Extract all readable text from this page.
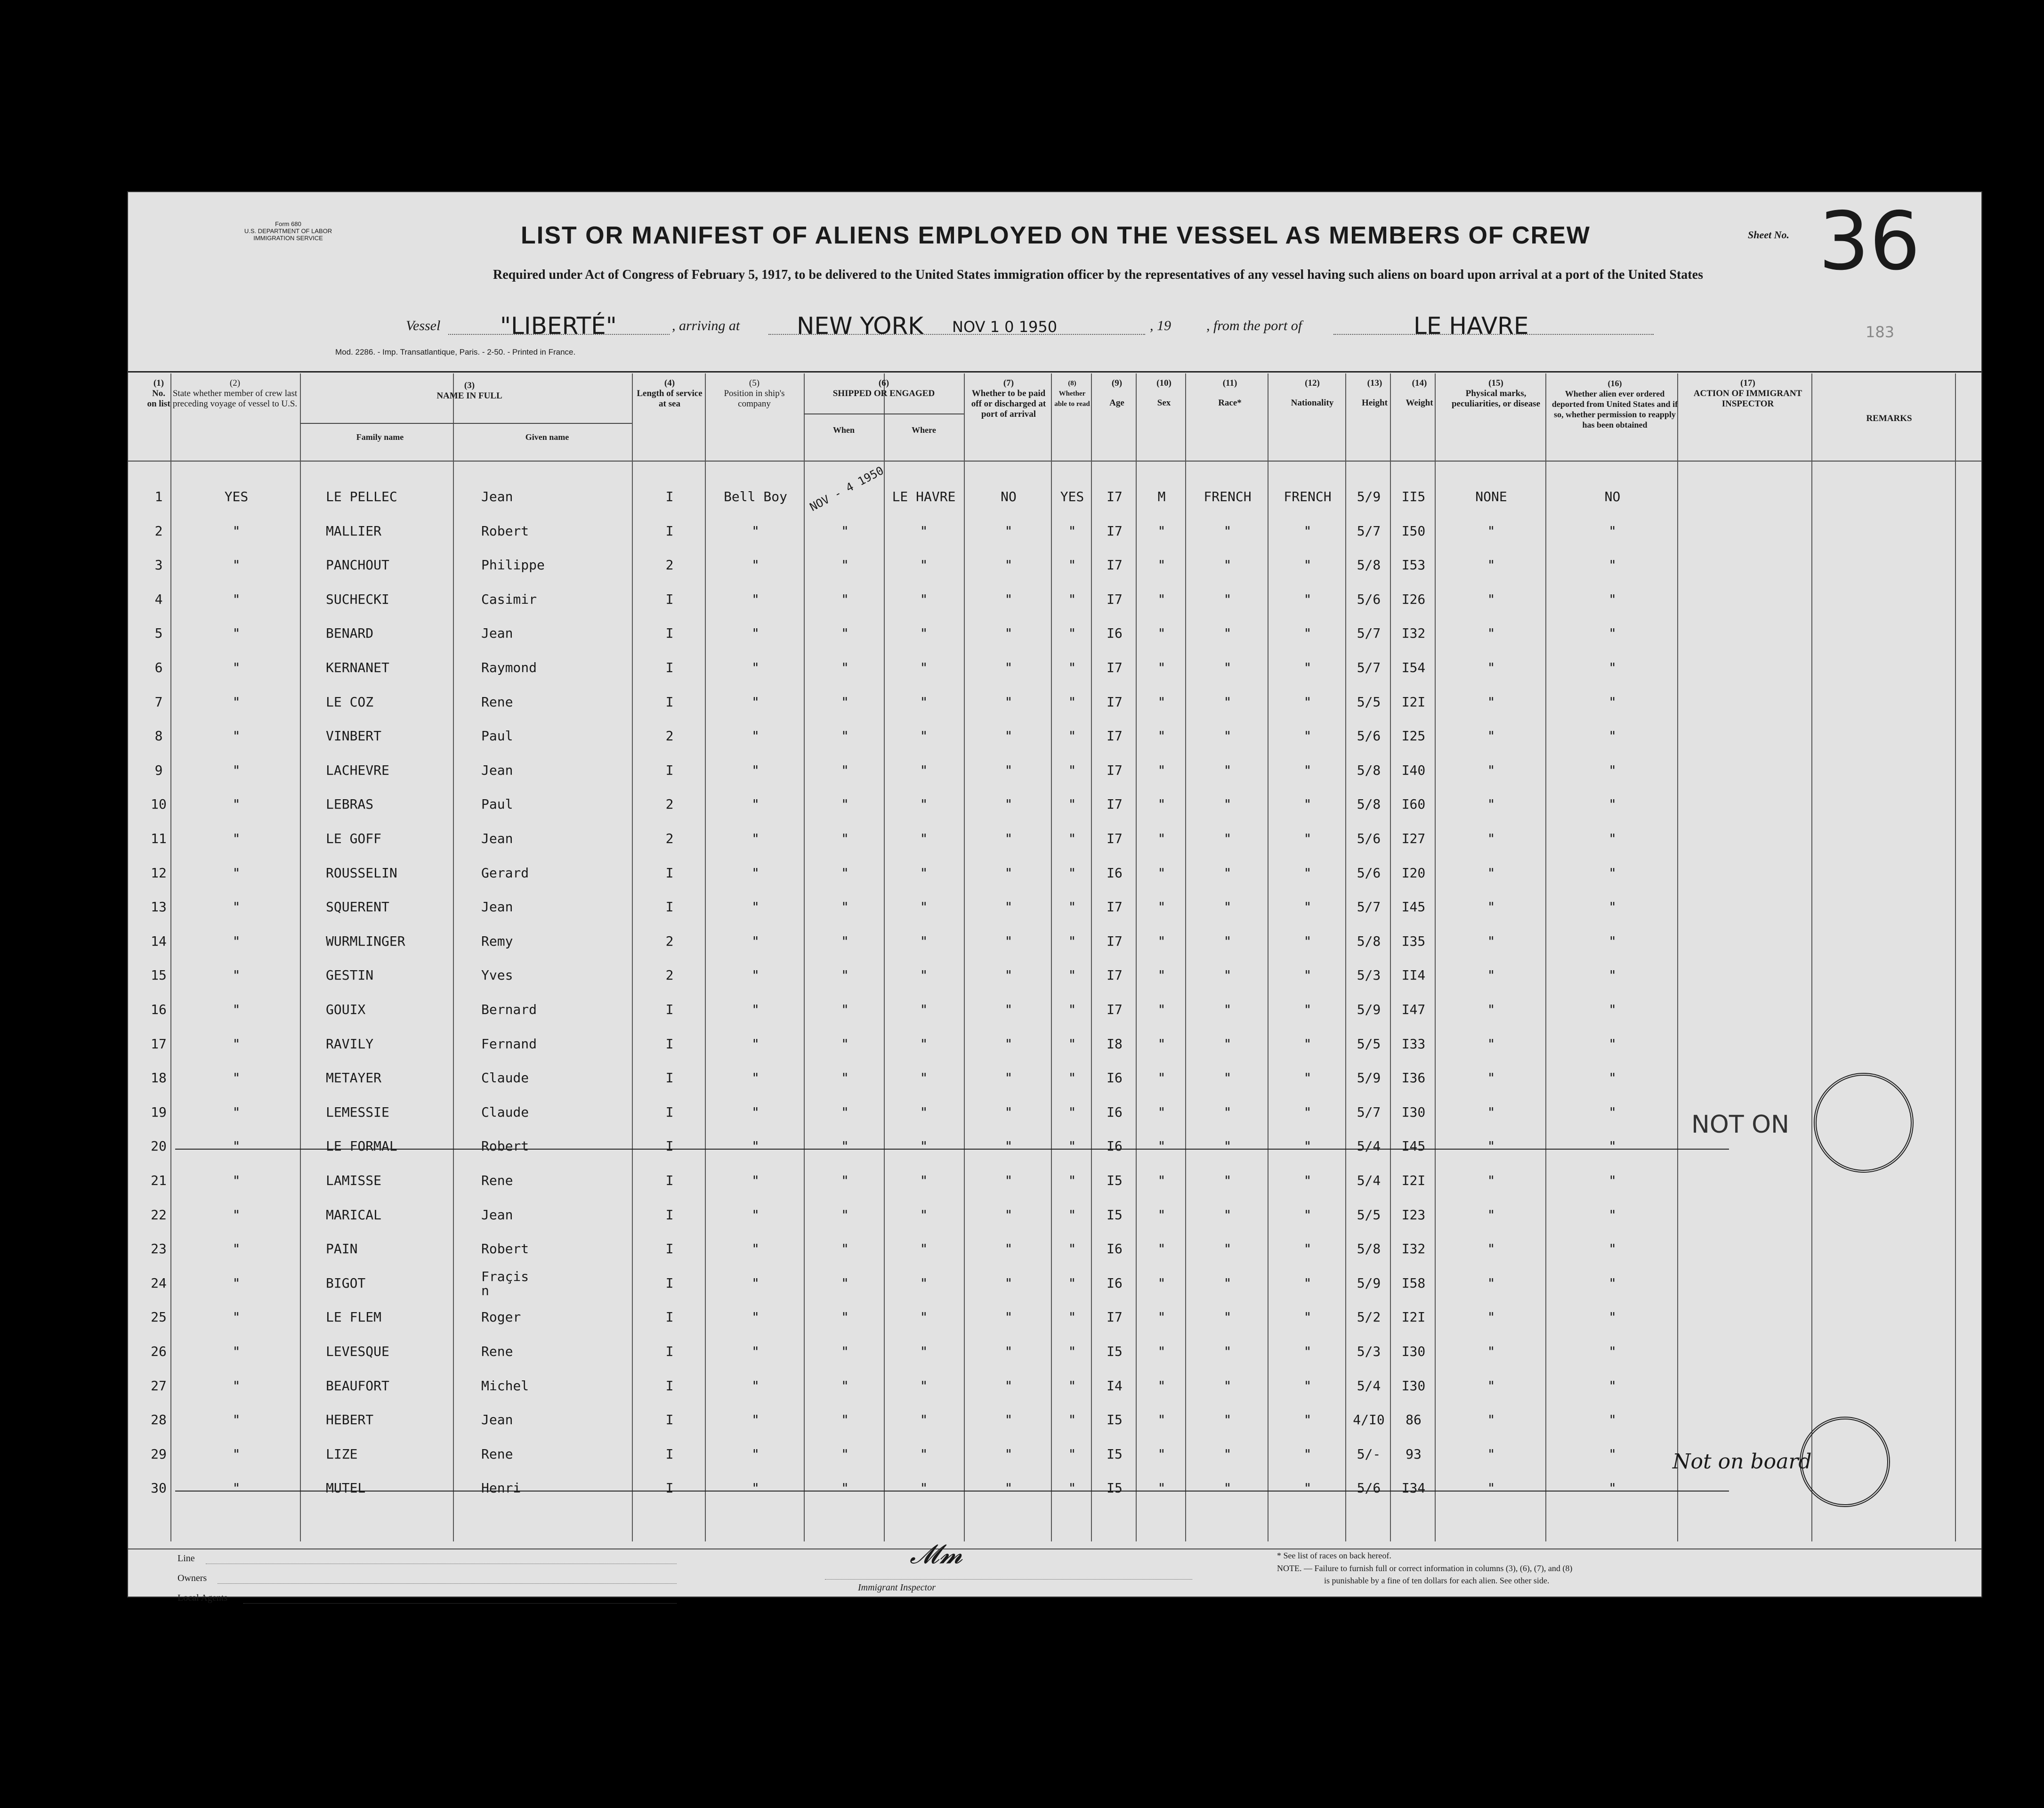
Form 680
U.S. DEPARTMENT OF LABOR
IMMIGRATION SERVICE	LIST OR MANIFEST OF ALIENS EMPLOYED ON THE VESSEL AS MEMBERS OF CREW	Sheet No. 36
Required under Act of Congress of February 5, 1917, to be delivered to the United States immigration officer by the representatives of any vessel having such aliens on board upon arrival at a port of the United States
Vessel	"LIBERTÉ"	, arriving at NEW YORK NOV 1 0 1950	, 19	, from the port of	LE HAVRE
Mod. 2286. - Imp. Transatlantique, Paris. - 2-50. - Printed in France.
183
(1)
No. on list
(2)
State whether member of crew last preceding voyage of vessel to U.S.
(3)
NAME IN FULL
Family name	Given name
(4)
Length of service at sea
(5)
Position in ship's company
(6)
SHIPPED OR ENGAGED
When	Where
(7)
Whether to be paid off or discharged at port of arrival
(8)
Whether able to read
(9)
Age
(10)
Sex
(11)
Race*
(12)
Nationality
(13)
Height
(14)
Weight
(15)
Physical marks, peculiarities, or disease
(16)
Whether alien ever ordered deported from United States and if so, whether permission to reapply has been obtained
(17)
ACTION OF IMMIGRANT INSPECTOR
REMARKS
1	YES	LE PELLEC	Jean	I	Bell Boy	NOV - 4 1950 LE HAVRE	NO	YES	I7	M	FRENCH	FRENCH	5/9	II5	NONE	NO
2	"	MALLIER	Robert	I	"	"	"	"	"	I7	"	"	"	5/7	I50	"	"
3	"	PANCHOUT	Philippe	2	"	"	"	"	"	I7	"	"	"	5/8	I53	"	"
4	"	SUCHECKI	Casimir	I	"	"	"	"	"	I7	"	"	"	5/6	I26	"	"
5	"	BENARD	Jean	I	"	"	"	"	"	I6	"	"	"	5/7	I32	"	"
6	"	KERNANET	Raymond	I	"	"	"	"	"	I7	"	"	"	5/7	I54	"	"
7	"	LE COZ	Rene	I	"	"	"	"	"	I7	"	"	"	5/5	I2I	"	"
8	"	VINBERT	Paul	2	"	"	"	"	"	I7	"	"	"	5/6	I25	"	"
9	"	LACHEVRE	Jean	I	"	"	"	"	"	I7	"	"	"	5/8	I40	"	"
10	"	LEBRAS	Paul	2	"	"	"	"	"	I7	"	"	"	5/8	I60	"	"
11	"	LE GOFF	Jean	2	"	"	"	"	"	I7	"	"	"	5/6	I27	"	"
12	"	ROUSSELIN	Gerard	I	"	"	"	"	"	I6	"	"	"	5/6	I20	"	"
13	"	SQUERENT	Jean	I	"	"	"	"	"	I7	"	"	"	5/7	I45	"	"
14	"	WURMLINGER	Remy	2	"	"	"	"	"	I7	"	"	"	5/8	I35	"	"
15	"	GESTIN	Yves	2	"	"	"	"	"	I7	"	"	"	5/3	II4	"	"
16	"	GOUIX	Bernard	I	"	"	"	"	"	I7	"	"	"	5/9	I47	"	"
17	"	RAVILY	Fernand	I	"	"	"	"	"	I8	"	"	"	5/5	I33	"	"
18	"	METAYER	Claude	I	"	"	"	"	"	I6	"	"	"	5/9	I36	"	"
19	"	LEMESSIE	Claude	I	"	"	"	"	"	I6	"	"	"	5/7	I30	"	"
20	"	LE FORMAL	Robert	I	"	"	"	"	"	I6	"	"	"	5/4	I45	"	"
21	"	LAMISSE	Rene	I	"	"	"	"	"	I5	"	"	"	5/4	I2I	"	"
22	"	MARICAL	Jean	I	"	"	"	"	"	I5	"	"	"	5/5	I23	"	"
23	"	PAIN	Robert	I	"	"	"	"	"	I6	"	"	"	5/8	I32	"	"
24	"	BIGOT	Fraçis n	I	"	"	"	"	"	I6	"	"	"	5/9	I58	"	"
25	"	LE FLEM	Roger	I	"	"	"	"	"	I7	"	"	"	5/2	I2I	"	"
26	"	LEVESQUE	Rene	I	"	"	"	"	"	I5	"	"	"	5/3	I30	"	"
27	"	BEAUFORT	Michel	I	"	"	"	"	"	I4	"	"	"	5/4	I30	"	"
28	"	HEBERT	Jean	I	"	"	"	"	"	I5	"	"	"	4/I0	86	"	"
29	"	LIZE	Rene	I	"	"	"	"	"	I5	"	"	"	5/-	93	"	"
30	"	MUTEL	Henri	I	"	"	"	"	"	I5	"	"	"	5/6	I34	"	"
NOT ON
Not on board
Line
Owners
Local Agents
𝓜𝓶
Immigrant Inspector
* See list of races on back hereof.
NOTE. — Failure to furnish full or correct information in columns (3), (6), (7), and (8)
is punishable by a fine of ten dollars for each alien. See other side.
